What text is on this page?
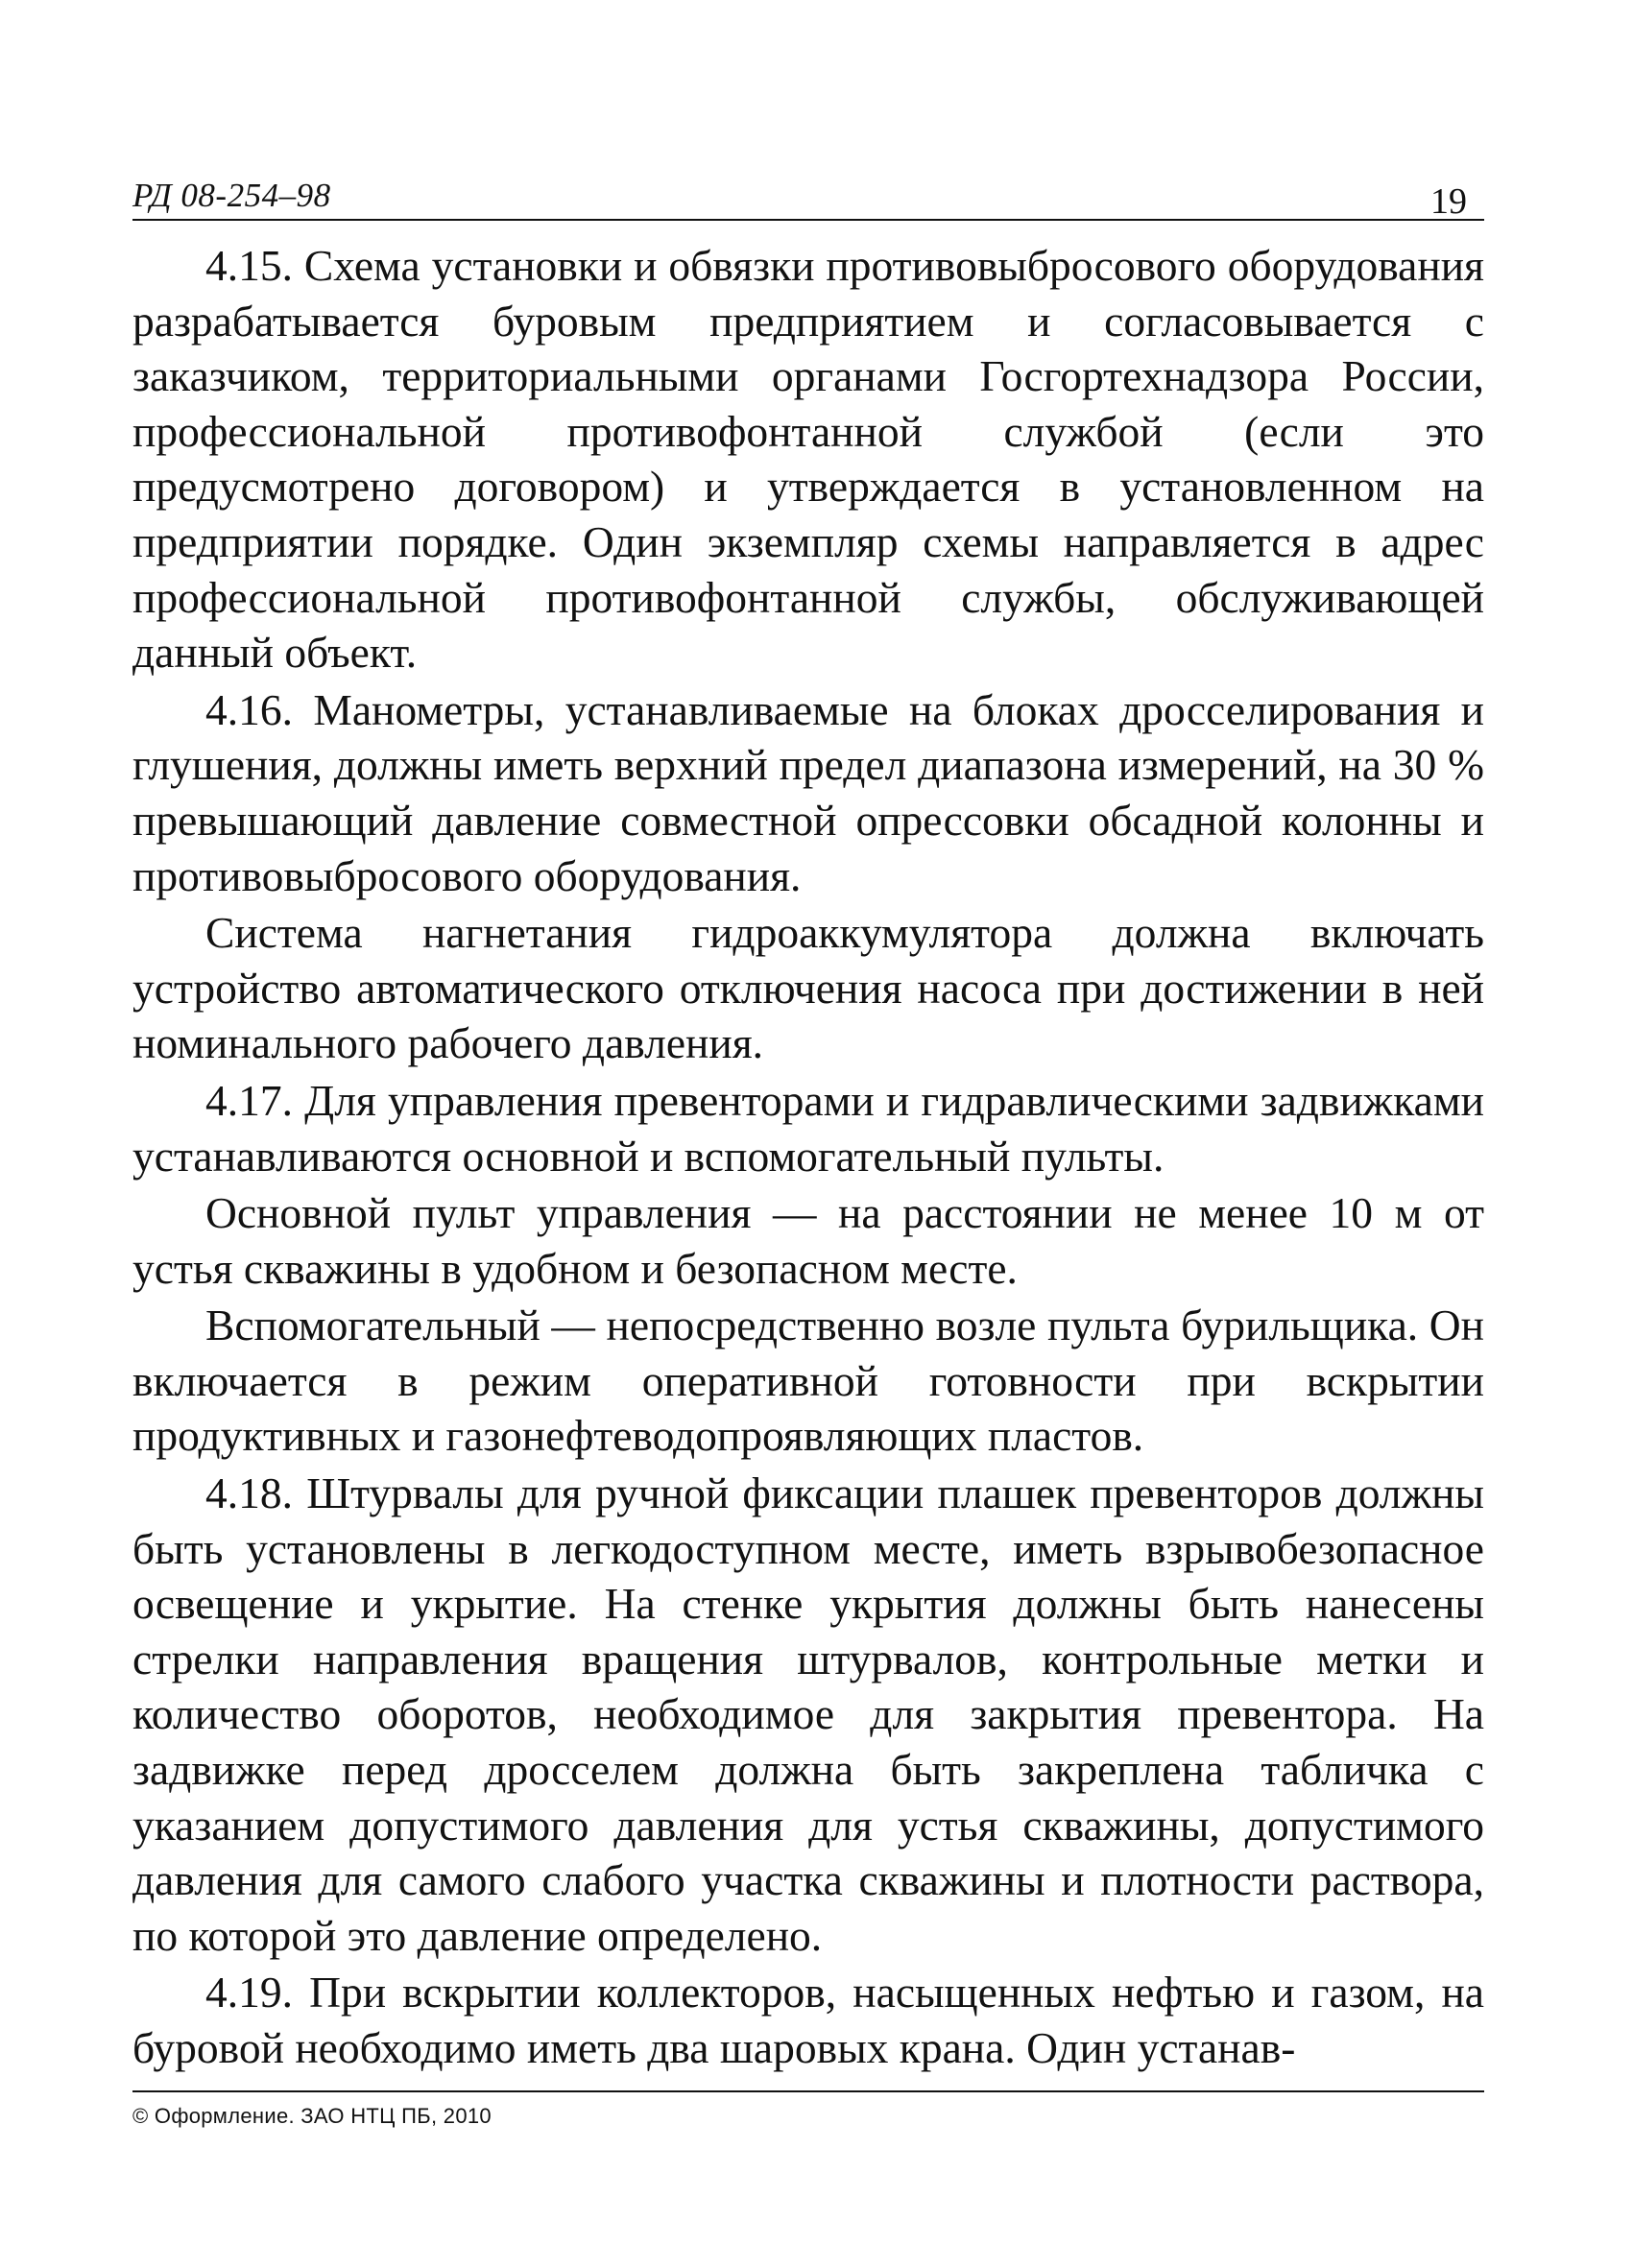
РД 08-254–98	19

4.15. Схема установки и обвязки противовыбросового оборудования разрабатывается буровым предприятием и согласовывается с заказчиком, территориальными органами Госгортехнадзора России, профессиональной противофонтанной службой (если это предусмотрено договором) и утверждается в установленном на предприятии порядке. Один экземпляр схемы направляется в адрес профессиональной противофонтанной службы, обслуживающей данный объект.

4.16. Манометры, устанавливаемые на блоках дросселирования и глушения, должны иметь верхний предел диапазона измерений, на 30 % превышающий давление совместной опрессовки обсадной колонны и противовыбросового оборудования.

Система нагнетания гидроаккумулятора должна включать устройство автоматического отключения насоса при достижении в ней номинального рабочего давления.

4.17. Для управления превенторами и гидравлическими задвижками устанавливаются основной и вспомогательный пульты.

Основной пульт управления — на расстоянии не менее 10 м от устья скважины в удобном и безопасном месте.

Вспомогательный — непосредственно возле пульта бурильщика. Он включается в режим оперативной готовности при вскрытии продуктивных и газонефтеводопроявляющих пластов.

4.18. Штурвалы для ручной фиксации плашек превенторов должны быть установлены в легкодоступном месте, иметь взрывобезопасное освещение и укрытие. На стенке укрытия должны быть нанесены стрелки направления вращения штурвалов, контрольные метки и количество оборотов, необходимое для закрытия превентора. На задвижке перед дросселем должна быть закреплена табличка с указанием допустимого давления для устья скважины, допустимого давления для самого слабого участка скважины и плотности раствора, по которой это давление определено.

4.19. При вскрытии коллекторов, насыщенных нефтью и газом, на буровой необходимо иметь два шаровых крана. Один устанав-

© Оформление. ЗАО НТЦ ПБ, 2010
